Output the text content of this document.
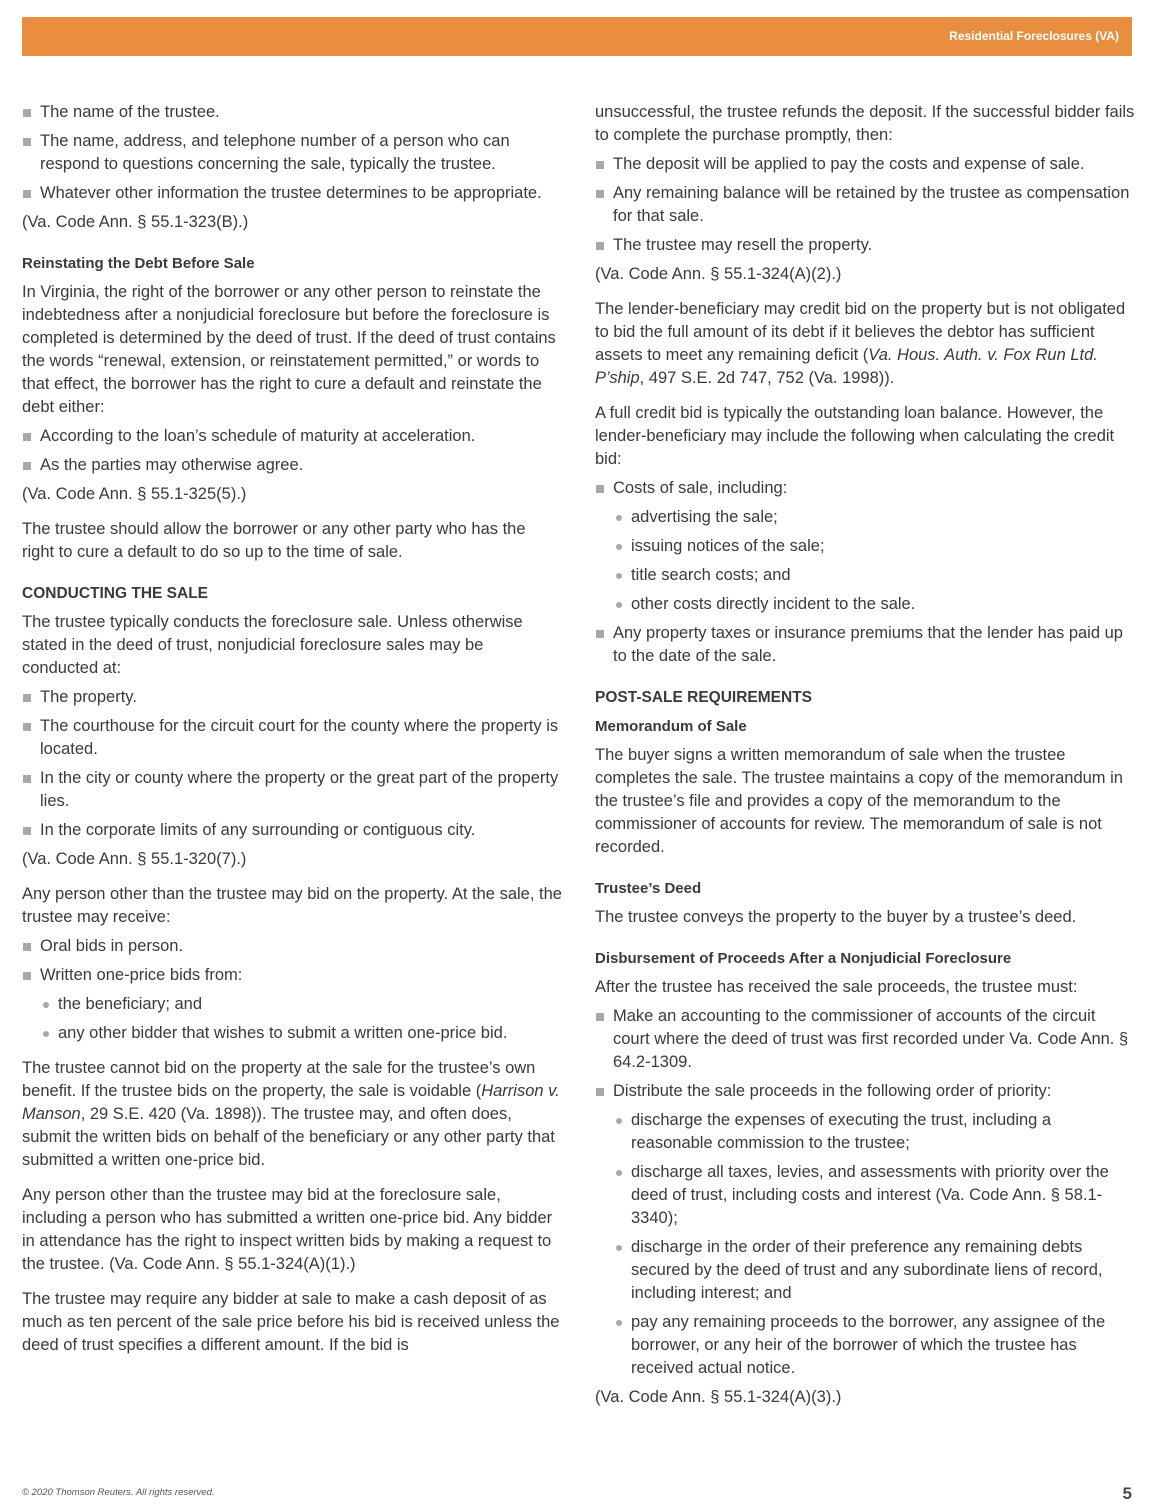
Residential Foreclosures (VA)
The name of the trustee.
The name, address, and telephone number of a person who can respond to questions concerning the sale, typically the trustee.
Whatever other information the trustee determines to be appropriate.

(Va. Code Ann. § 55.1-323(B).)

Reinstating the Debt Before Sale

In Virginia, the right of the borrower or any other person to reinstate the indebtedness after a nonjudicial foreclosure but before the foreclosure is completed is determined by the deed of trust. If the deed of trust contains the words “renewal, extension, or reinstatement permitted,” or words to that effect, the borrower has the right to cure a default and reinstate the debt either:

According to the loan’s schedule of maturity at acceleration.
As the parties may otherwise agree.

(Va. Code Ann. § 55.1-325(5).)

The trustee should allow the borrower or any other party who has the right to cure a default to do so up to the time of sale.

CONDUCTING THE SALE

The trustee typically conducts the foreclosure sale. Unless otherwise stated in the deed of trust, nonjudicial foreclosure sales may be conducted at:

The property.
The courthouse for the circuit court for the county where the property is located.
In the city or county where the property or the great part of the property lies.
In the corporate limits of any surrounding or contiguous city.

(Va. Code Ann. § 55.1-320(7).)

Any person other than the trustee may bid on the property. At the sale, the trustee may receive:

Oral bids in person.
Written one-price bids from:
the beneficiary; and
any other bidder that wishes to submit a written one-price bid.

The trustee cannot bid on the property at the sale for the trustee’s own benefit. If the trustee bids on the property, the sale is voidable (Harrison v. Manson, 29 S.E. 420 (Va. 1898)). The trustee may, and often does, submit the written bids on behalf of the beneficiary or any other party that submitted a written one-price bid.

Any person other than the trustee may bid at the foreclosure sale, including a person who has submitted a written one-price bid. Any bidder in attendance has the right to inspect written bids by making a request to the trustee. (Va. Code Ann. § 55.1-324(A)(1).)

The trustee may require any bidder at sale to make a cash deposit of as much as ten percent of the sale price before his bid is received unless the deed of trust specifies a different amount. If the bid is

unsuccessful, the trustee refunds the deposit. If the successful bidder fails to complete the purchase promptly, then:

The deposit will be applied to pay the costs and expense of sale.
Any remaining balance will be retained by the trustee as compensation for that sale.
The trustee may resell the property.

(Va. Code Ann. § 55.1-324(A)(2).)

The lender-beneficiary may credit bid on the property but is not obligated to bid the full amount of its debt if it believes the debtor has sufficient assets to meet any remaining deficit (Va. Hous. Auth. v. Fox Run Ltd. P’ship, 497 S.E. 2d 747, 752 (Va. 1998)).

A full credit bid is typically the outstanding loan balance. However, the lender-beneficiary may include the following when calculating the credit bid:

Costs of sale, including:
advertising the sale;
issuing notices of the sale;
title search costs; and
other costs directly incident to the sale.
Any property taxes or insurance premiums that the lender has paid up to the date of the sale.
POST-SALE REQUIREMENTS
Memorandum of Sale

The buyer signs a written memorandum of sale when the trustee completes the sale. The trustee maintains a copy of the memorandum in the trustee’s file and provides a copy of the memorandum to the commissioner of accounts for review. The memorandum of sale is not recorded.

Trustee’s Deed

The trustee conveys the property to the buyer by a trustee’s deed.

Disbursement of Proceeds After a Nonjudicial Foreclosure

After the trustee has received the sale proceeds, the trustee must:

Make an accounting to the commissioner of accounts of the circuit court where the deed of trust was first recorded under Va. Code Ann. § 64.2-1309.
Distribute the sale proceeds in the following order of priority:
discharge the expenses of executing the trust, including a reasonable commission to the trustee;
discharge all taxes, levies, and assessments with priority over the deed of trust, including costs and interest (Va. Code Ann. § 58.1-3340);
discharge in the order of their preference any remaining debts secured by the deed of trust and any subordinate liens of record, including interest; and
pay any remaining proceeds to the borrower, any assignee of the borrower, or any heir of the borrower of which the trustee has received actual notice.

(Va. Code Ann. § 55.1-324(A)(3).)

© 2020 Thomson Reuters. All rights reserved.	5
